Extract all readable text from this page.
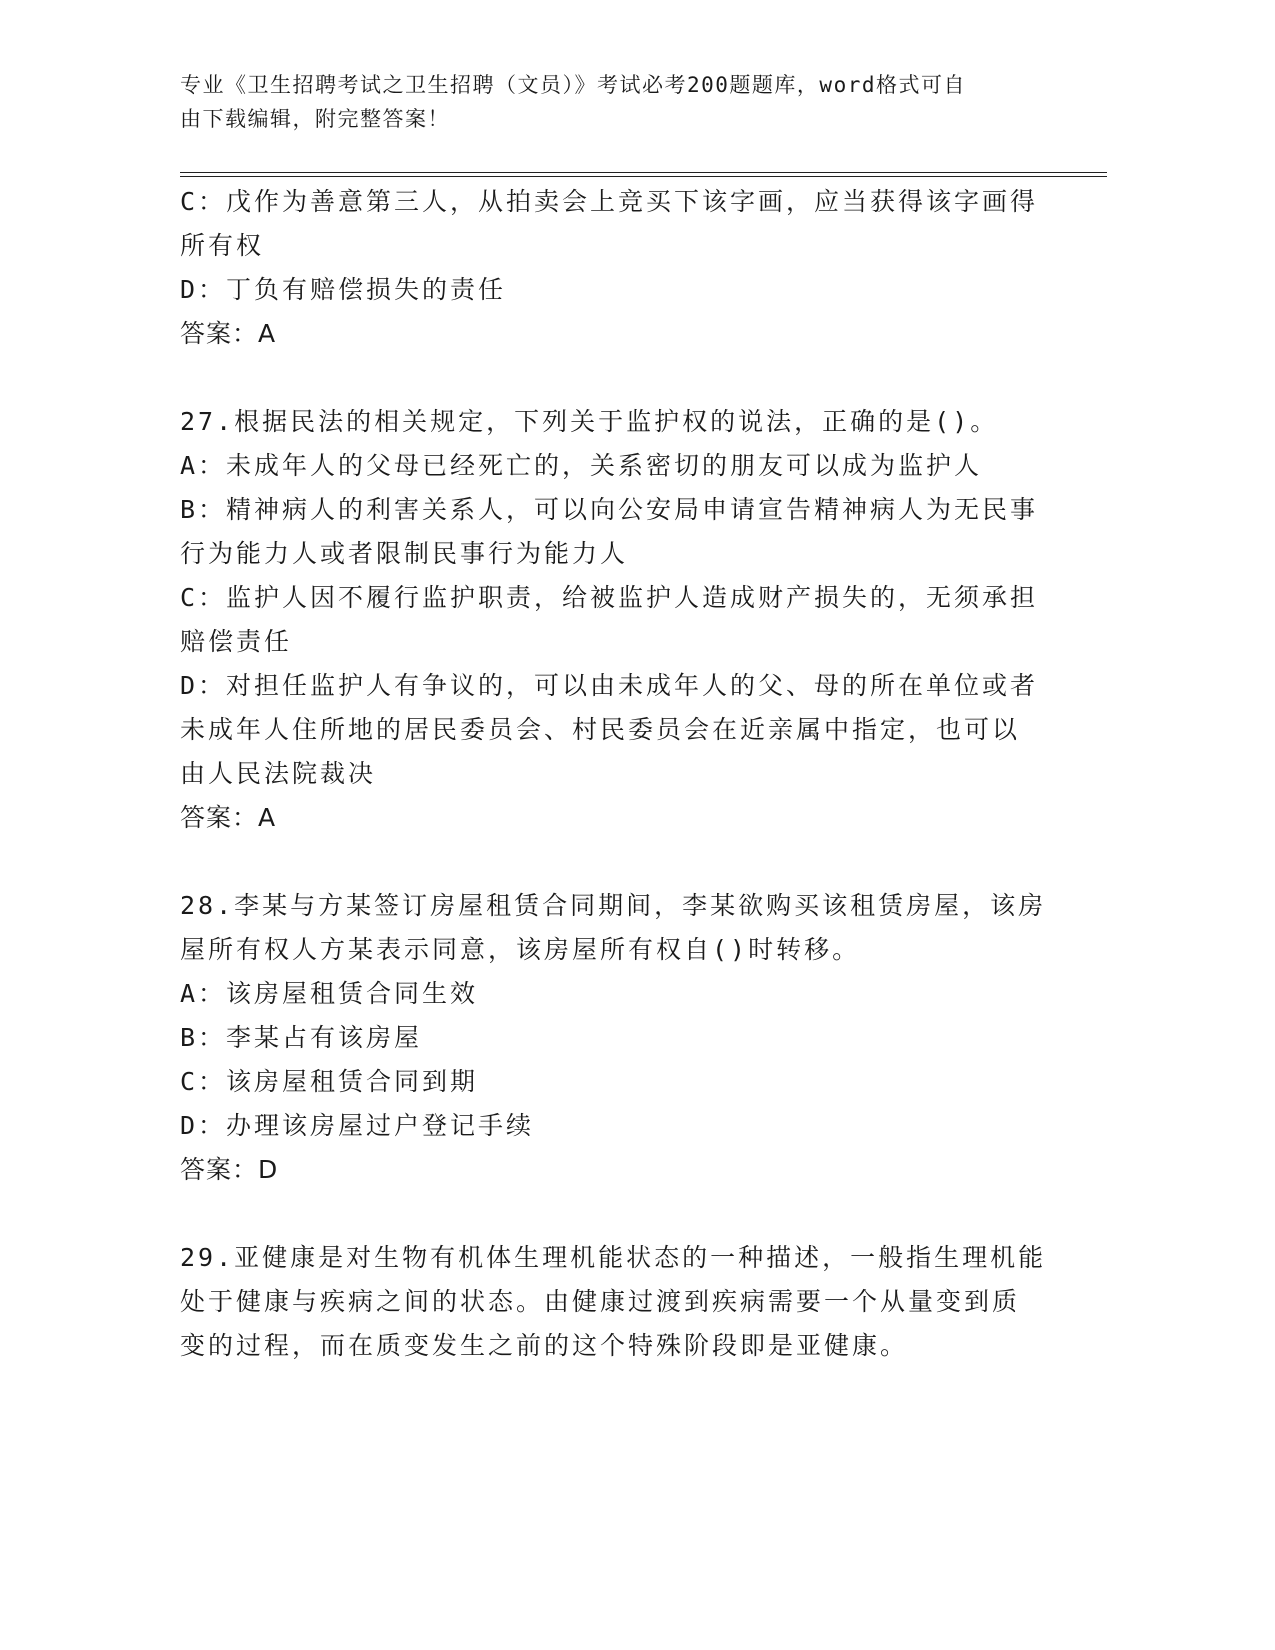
专业《卫生招聘考试之卫生招聘（文员）》考试必考200题题库，word格式可自
由下载编辑，附完整答案！
C：戊作为善意第三人，从拍卖会上竞买下该字画，应当获得该字画得
所有权
D：丁负有赔偿损失的责任
答案：A
27.根据民法的相关规定，下列关于监护权的说法，正确的是()。
A：未成年人的父母已经死亡的，关系密切的朋友可以成为监护人
B：精神病人的利害关系人，可以向公安局申请宣告精神病人为无民事
行为能力人或者限制民事行为能力人
C：监护人因不履行监护职责，给被监护人造成财产损失的，无须承担
赔偿责任
D：对担任监护人有争议的，可以由未成年人的父、母的所在单位或者
未成年人住所地的居民委员会、村民委员会在近亲属中指定，也可以
由人民法院裁决
答案：A
28.李某与方某签订房屋租赁合同期间，李某欲购买该租赁房屋，该房
屋所有权人方某表示同意，该房屋所有权自()时转移。
A：该房屋租赁合同生效
B：李某占有该房屋
C：该房屋租赁合同到期
D：办理该房屋过户登记手续
答案：D
29.亚健康是对生物有机体生理机能状态的一种描述，一般指生理机能
处于健康与疾病之间的状态。由健康过渡到疾病需要一个从量变到质
变的过程，而在质变发生之前的这个特殊阶段即是亚健康。
